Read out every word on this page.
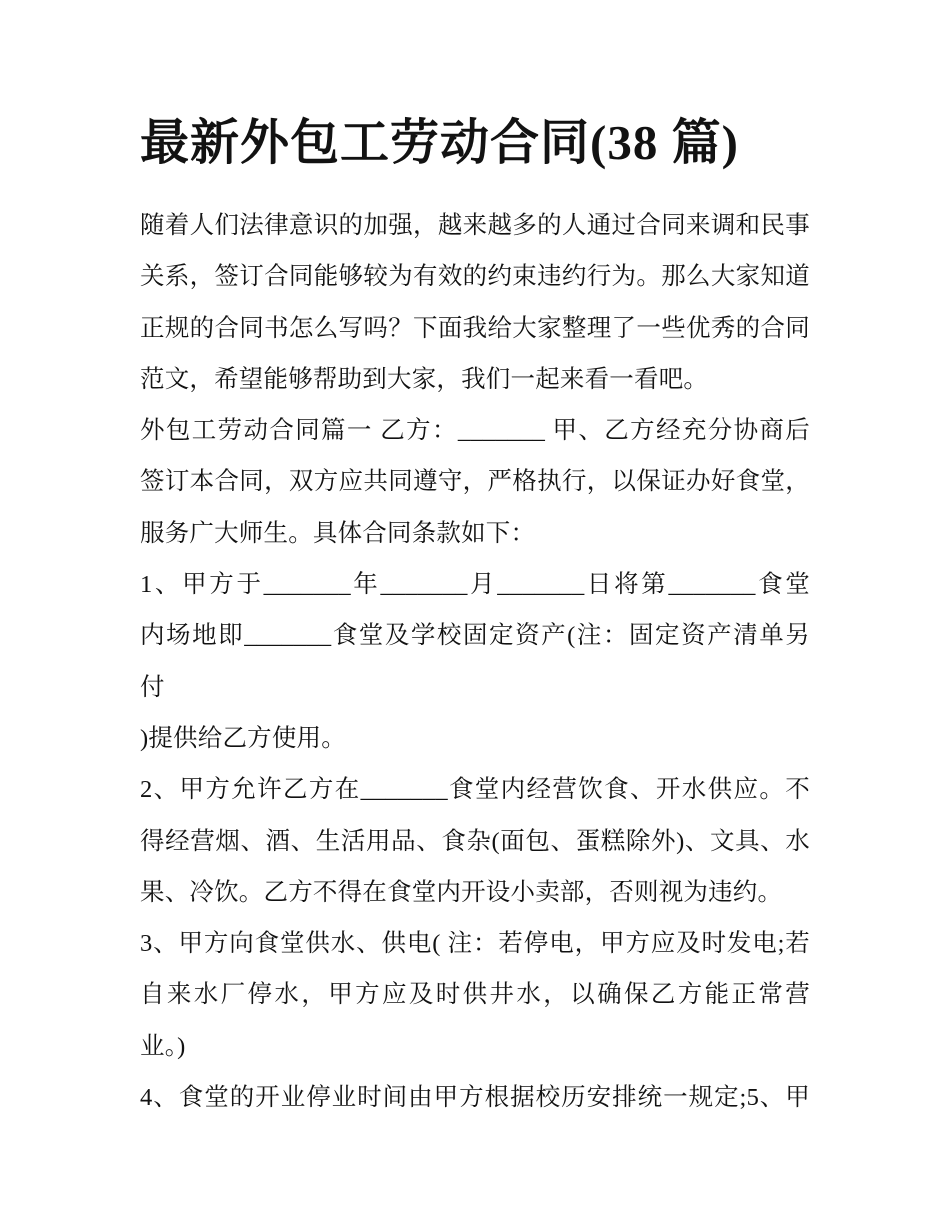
最新外包工劳动合同(38 篇)

随着人们法律意识的加强，越来越多的人通过合同来调和民事
关系，签订合同能够较为有效的约束违约行为。那么大家知道
正规的合同书怎么写吗？下面我给大家整理了一些优秀的合同
范文，希望能够帮助到大家，我们一起来看一看吧。

外包工劳动合同篇一 乙方：_______ 甲、乙方经充分协商后
签订本合同，双方应共同遵守，严格执行，以保证办好食堂，
服务广大师生。具体合同条款如下：

1、甲方于_______年_______月_______日将第_______食堂
内场地即_______食堂及学校固定资产(注：固定资产清单另
付

)提供给乙方使用。

2、甲方允许乙方在_______食堂内经营饮食、开水供应。不
得经营烟、酒、生活用品、食杂(面包、蛋糕除外)、文具、水
果、冷饮。乙方不得在食堂内开设小卖部，否则视为违约。

3、甲方向食堂供水、供电( 注：若停电，甲方应及时发电;若
自来水厂停水，甲方应及时供井水，以确保乙方能正常营
业。)

4、食堂的开业停业时间由甲方根据校历安排统一规定;5、甲
